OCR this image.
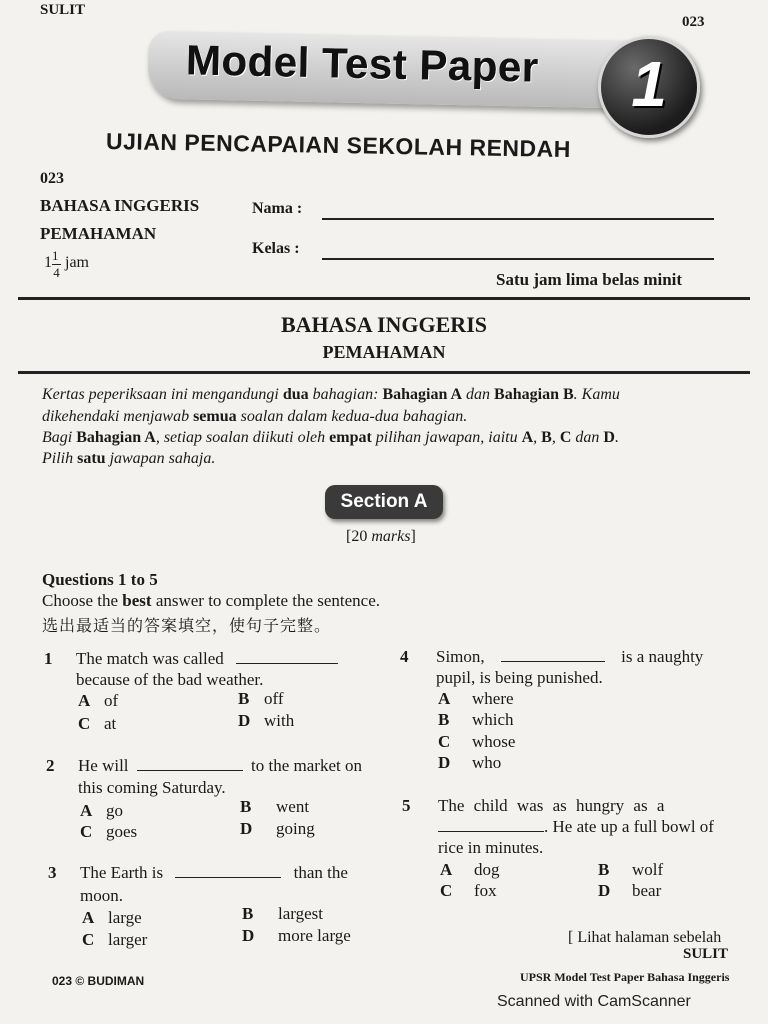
SULIT
023
Model Test Paper	1
UJIAN PENCAPAIAN SEKOLAH RENDAH
023
BAHASA INGGERIS
PEMAHAMAN
1 1
4
jam
Nama :
Kelas :
Satu jam lima belas minit
BAHASA INGGERIS
PEMAHAMAN
Kertas peperiksaan ini mengandungi dua bahagian: Bahagian A dan Bahagian B. Kamu
dikehendaki menjawab semua soalan dalam kedua-dua bahagian.
Bagi Bahagian A, setiap soalan diikuti oleh empat pilihan jawapan, iaitu A, B, C dan D.
Pilih satu jawapan sahaja.
Section A
[20 marks]
Questions 1 to 5
Choose the best answer to complete the sentence.
选出最适当的答案填空，使句子完整。
1 The match was called
because of the bad weather.
A of	B off
C at	D with
2 He will	to the market on
this coming Saturday.
A go	B went
C goes	D going
3 The Earth is	than the
moon.
A large	B largest
C larger	D more large
4 Simon,	is a naughty
pupil, is being punished.
A where
B which
C whose
D who
5 The child was as hungry as a
. He ate up a full bowl of
rice in minutes.
A dog	B wolf
C fox	D bear
[ Lihat halaman sebelah
SULIT
023 © BUDIMAN	UPSR Model Test Paper Bahasa Inggeris
Scanned with CamScanner
